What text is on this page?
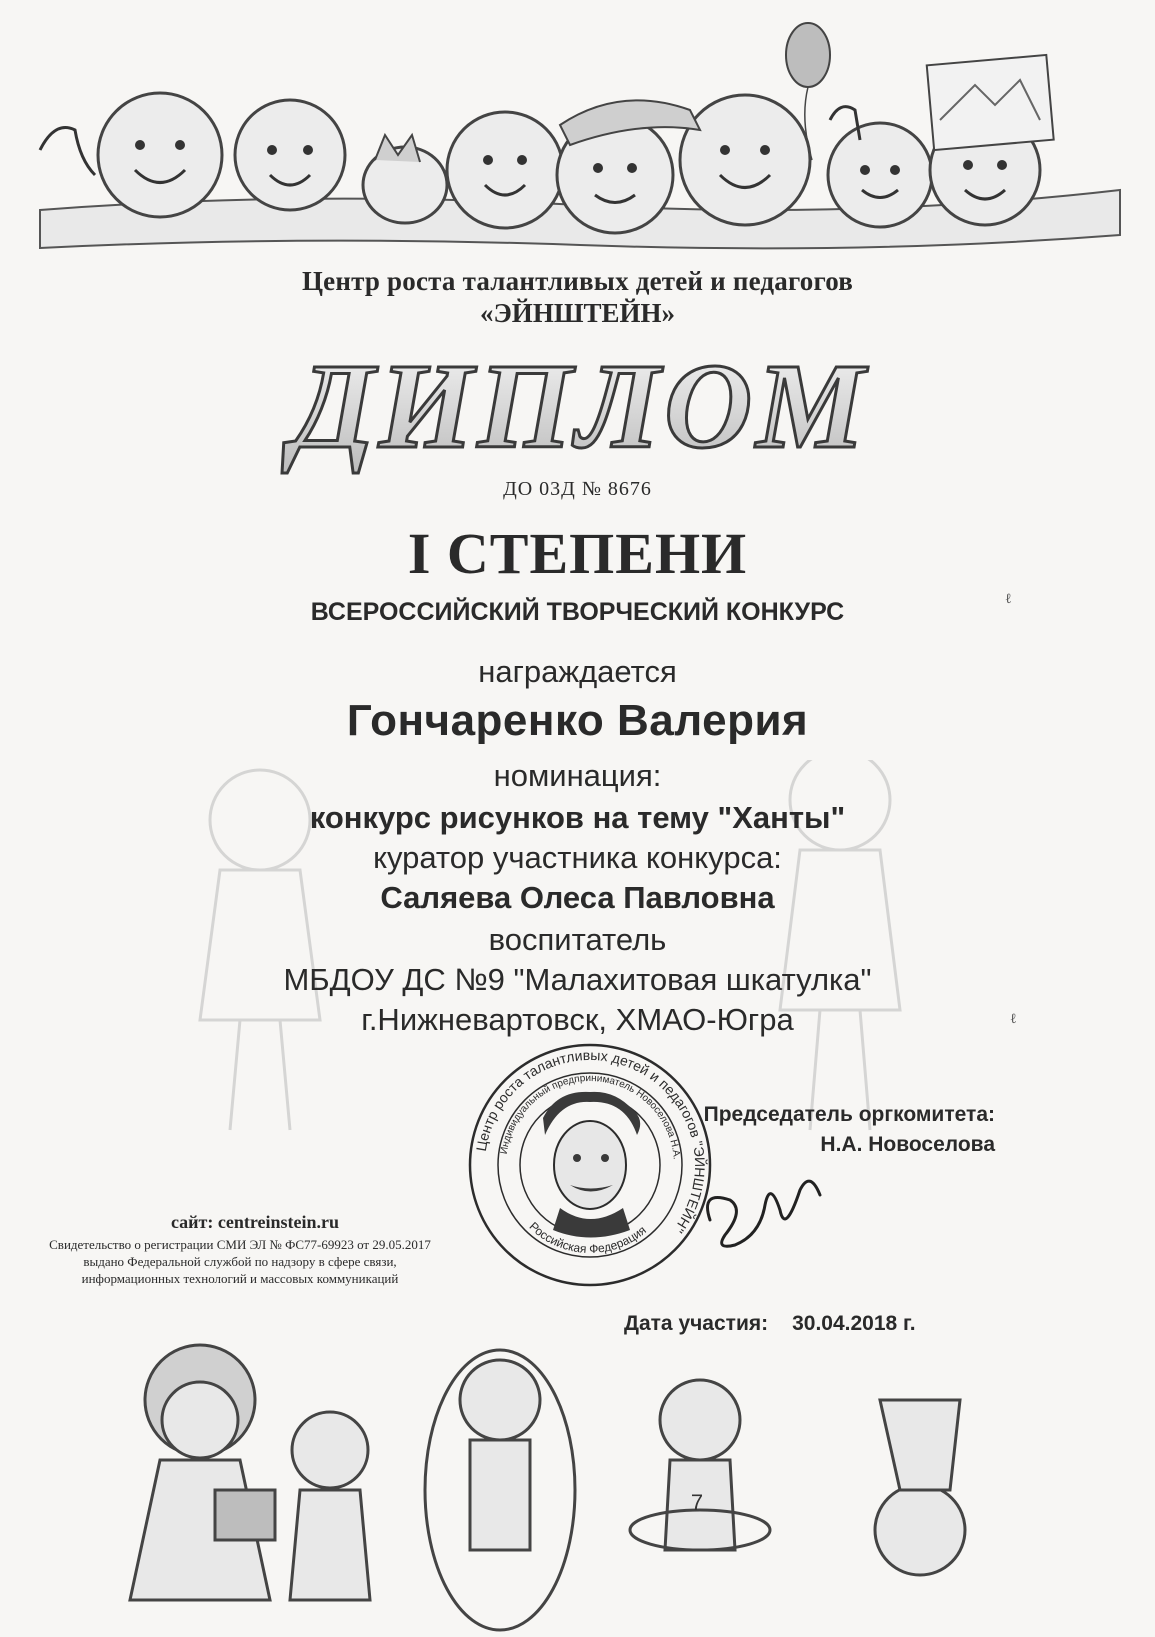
Центр роста талантливых детей и педагогов
«ЭЙНШТЕЙН»
ДИПЛОМ
ДО 03Д № 8676
I СТЕПЕНИ
ВСЕРОССИЙСКИЙ ТВОРЧЕСКИЙ КОНКУРС
награждается
Гончаренко Валерия
номинация:
конкурс рисунков на тему "Ханты"
куратор участника конкурса:
Саляева Олеса Павловна
воспитатель
МБДОУ ДС №9 "Малахитовая шкатулка"
г.Нижневартовск, ХМАО-Югра
Центр роста талантливых детей и педагогов "ЭЙНШТЕЙН"
Индивидуальный предприниматель Новоселова Н.А.
Российская Федерация
Председатель оргкомитета:
Н.А. Новоселова
сайт: centreinstein.ru
Свидетельство о регистрации СМИ ЭЛ № ФС77-69923 от 29.05.2017 выдано Федеральной службой по надзору в сфере связи, информационных технологий и массовых коммуникаций
Дата участия: 30.04.2018 г.
7
ℓ
ℓ
